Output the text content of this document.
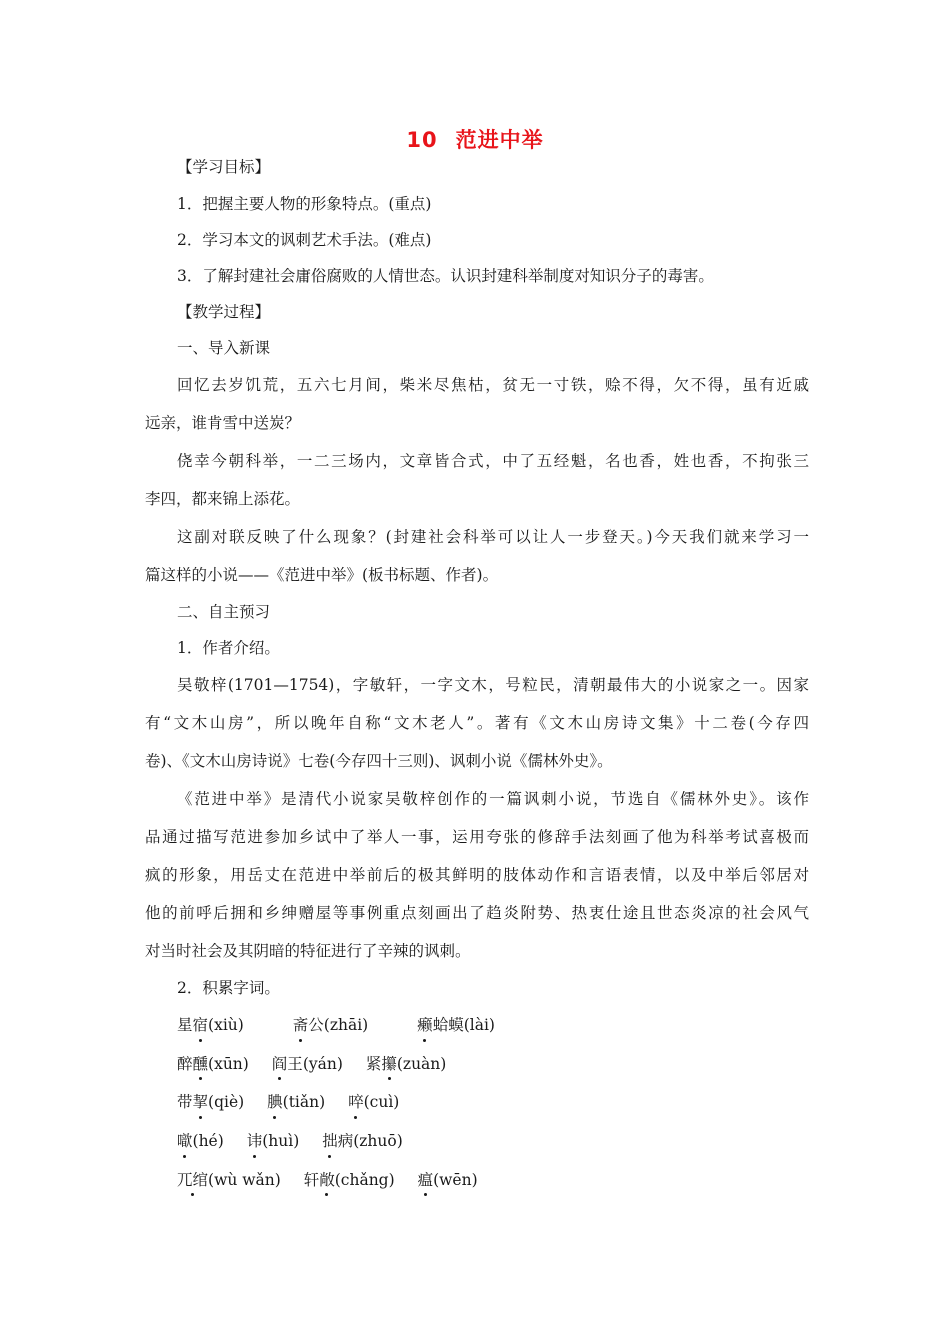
10 范进中举
【学习目标】
1．把握主要人物的形象特点。(重点)
2．学习本文的讽刺艺术手法。(难点)
3．了解封建社会庸俗腐败的人情世态。认识封建科举制度对知识分子的毒害。
【教学过程】
一、导入新课
回忆去岁饥荒，五六七月间，柴米尽焦枯，贫无一寸铁，赊不得，欠不得，虽有近戚
远亲，谁肯雪中送炭？
侥幸今朝科举，一二三场内，文章皆合式，中了五经魁，名也香，姓也香，不拘张三
李四，都来锦上添花。
这副对联反映了什么现象？(封建社会科举可以让人一步登天。)今天我们就来学习一
篇这样的小说——《范进中举》(板书标题、作者)。
二、自主预习
1．作者介绍。
吴敬梓(1701—1754)，字敏轩，一字文木，号粒民，清朝最伟大的小说家之一。因家
有“文木山房”，所以晚年自称“文木老人”。著有《文木山房诗文集》十二卷(今存四
卷)、《文木山房诗说》七卷(今存四十三则)、讽刺小说《儒林外史》。
《范进中举》是清代小说家吴敬梓创作的一篇讽刺小说，节选自《儒林外史》。该作
品通过描写范进参加乡试中了举人一事，运用夸张的修辞手法刻画了他为科举考试喜极而
疯的形象，用岳丈在范进中举前后的极其鲜明的肢体动作和言语表情，以及中举后邻居对
他的前呼后拥和乡绅赠屋等事例重点刻画出了趋炎附势、热衷仕途且世态炎凉的社会风气
对当时社会及其阴暗的特征进行了辛辣的讽刺。
2．积累字词。
星宿(xiù)	斋公(zhāi)	癞蛤蟆(lài)
醉醺(xūn) 阎王(yán) 紧攥(zuàn)
带挈(qiè) 腆(tiǎn) 啐(cuì)
噷(hé) 讳(huì) 拙病(zhuō)
兀绾(wù wǎn) 轩敞(chǎng) 瘟(wēn)
